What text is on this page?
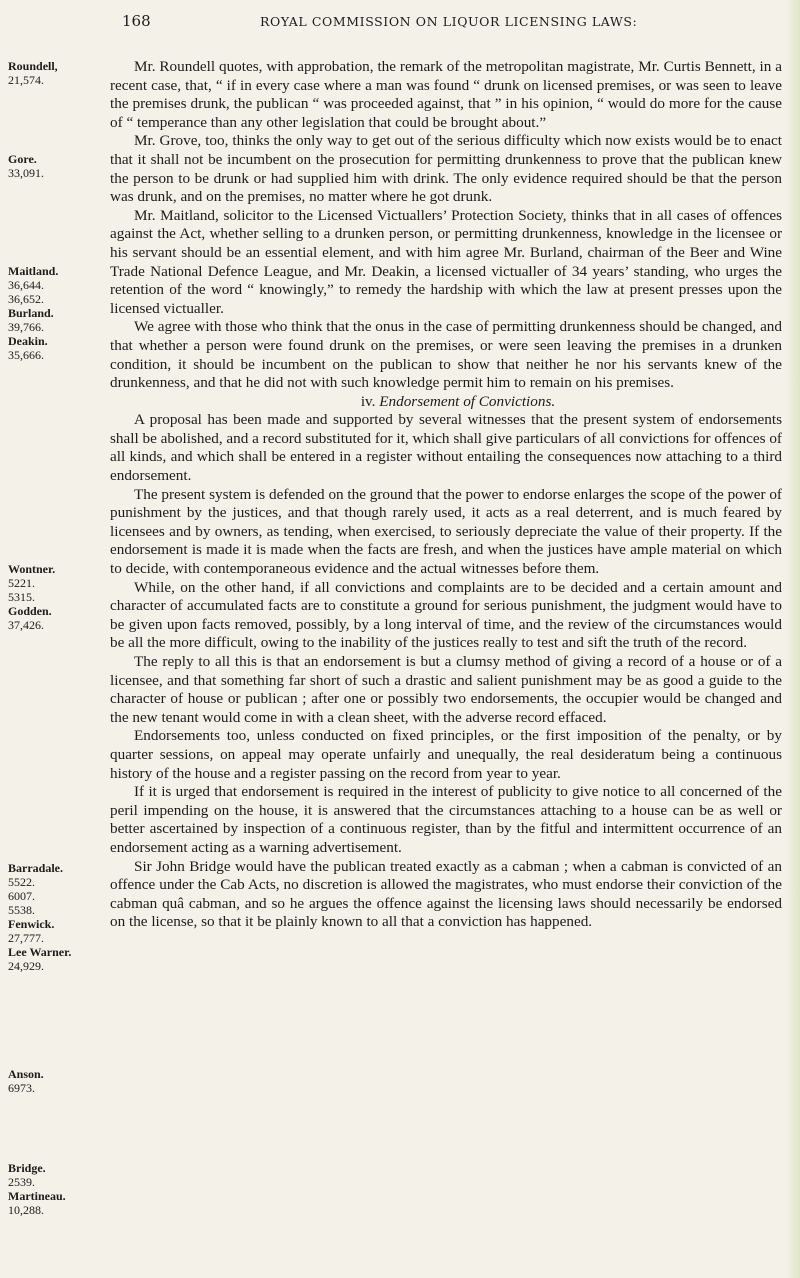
168	ROYAL COMMISSION ON LIQUOR LICENSING LAWS:
Roundell,
21,574.
Gore.
33,091.
Maitland.
36,644.
36,652.
Burland.
39,766.
Deakin.
35,666.
Wontner.
5221.
5315.
Godden.
37,426.
Barradale.
5522.
6007.
5538.
Fenwick.
27,777.
Lee Warner.
24,929.
Anson.
6973.
Bridge.
2539.
Martineau.
10,288.

Mr. Roundell quotes, with approbation, the remark of the metropolitan magistrate, Mr. Curtis Bennett, in a recent case, that, “ if in every case where a man was found “ drunk on licensed premises, or was seen to leave the premises drunk, the publican “ was proceeded against, that ” in his opinion, “ would do more for the cause of “ temperance than any other legislation that could be brought about.”

Mr. Grove, too, thinks the only way to get out of the serious difficulty which now exists would be to enact that it shall not be incumbent on the prosecution for permitting drunkenness to prove that the publican knew the person to be drunk or had supplied him with drink. The only evidence required should be that the person was drunk, and on the premises, no matter where he got drunk.

Mr. Maitland, solicitor to the Licensed Victuallers’ Protection Society, thinks that in all cases of offences against the Act, whether selling to a drunken person, or permitting drunkenness, knowledge in the licensee or his servant should be an essential element, and with him agree Mr. Burland, chairman of the Beer and Wine Trade National Defence League, and Mr. Deakin, a licensed victualler of 34 years’ standing, who urges the retention of the word “ knowingly,” to remedy the hardship with which the law at present presses upon the licensed victualler.

We agree with those who think that the onus in the case of permitting drunkenness should be changed, and that whether a person were found drunk on the premises, or were seen leaving the premises in a drunken condition, it should be incumbent on the publican to show that neither he nor his servants knew of the drunkenness, and that he did not with such knowledge permit him to remain on his premises.

iv. Endorsement of Convictions.

A proposal has been made and supported by several witnesses that the present system of endorsements shall be abolished, and a record substituted for it, which shall give particulars of all convictions for offences of all kinds, and which shall be entered in a register without entailing the consequences now attaching to a third endorsement.

The present system is defended on the ground that the power to endorse enlarges the scope of the power of punishment by the justices, and that though rarely used, it acts as a real deterrent, and is much feared by licensees and by owners, as tending, when exercised, to seriously depreciate the value of their property. If the endorsement is made it is made when the facts are fresh, and when the justices have ample material on which to decide, with contemporaneous evidence and the actual witnesses before them.

While, on the other hand, if all convictions and complaints are to be decided and a certain amount and character of accumulated facts are to constitute a ground for serious punishment, the judgment would have to be given upon facts removed, possibly, by a long interval of time, and the review of the circumstances would be all the more difficult, owing to the inability of the justices really to test and sift the truth of the record.

The reply to all this is that an endorsement is but a clumsy method of giving a record of a house or of a licensee, and that something far short of such a drastic and salient punishment may be as good a guide to the character of house or publican ; after one or possibly two endorsements, the occupier would be changed and the new tenant would come in with a clean sheet, with the adverse record effaced.

Endorsements too, unless conducted on fixed principles, or the first imposition of the penalty, or by quarter sessions, on appeal may operate unfairly and unequally, the real desideratum being a continuous history of the house and a register passing on the record from year to year.

If it is urged that endorsement is required in the interest of publicity to give notice to all concerned of the peril impending on the house, it is answered that the circumstances attaching to a house can be as well or better ascertained by inspection of a continuous register, than by the fitful and intermittent occurrence of an endorsement acting as a warning advertisement.

Sir John Bridge would have the publican treated exactly as a cabman ; when a cabman is convicted of an offence under the Cab Acts, no discretion is allowed the magistrates, who must endorse their conviction of the cabman quâ cabman, and so he argues the offence against the licensing laws should necessarily be endorsed on the license, so that it be plainly known to all that a conviction has happened.
